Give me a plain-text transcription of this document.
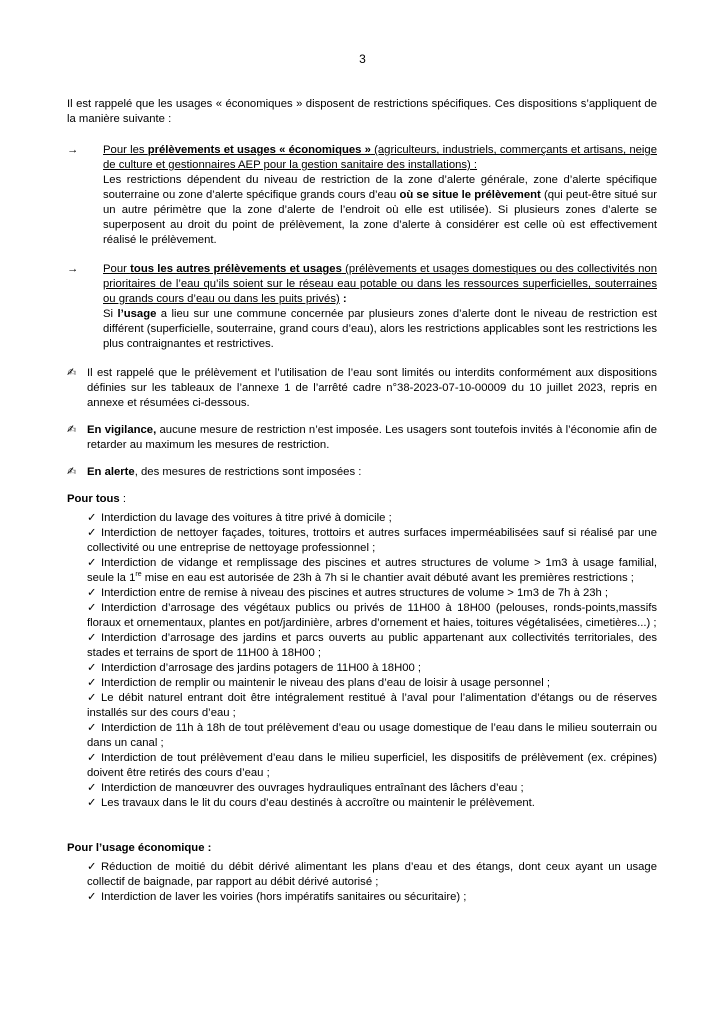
3

Il est rappelé que les usages « économiques » disposent de restrictions spécifiques. Ces dispositions s’appliquent de la manière suivante :

→	Pour les prélèvements et usages « économiques » (agriculteurs, industriels, commerçants et artisans, neige de culture et gestionnaires AEP pour la gestion sanitaire des installations) :

Les restrictions dépendent du niveau de restriction de la zone d’alerte générale, zone d’alerte spécifique souterraine ou zone d’alerte spécifique grands cours d’eau où se situe le prélèvement (qui peut-être situé sur un autre périmètre que la zone d’alerte de l’endroit où elle est utilisée). Si plusieurs zones d’alerte se superposent au droit du point de prélèvement, la zone d’alerte à considérer est celle où est effectivement réalisé le prélèvement.

→	Pour tous les autres prélèvements et usages (prélèvements et usages domestiques ou des collectivités non prioritaires de l’eau qu’ils soient sur le réseau eau potable ou dans les ressources superficielles, souterraines ou grands cours d’eau ou dans les puits privés) :

Si l’usage a lieu sur une commune concernée par plusieurs zones d’alerte dont le niveau de restriction est différent (superficielle, souterraine, grand cours d’eau), alors les restrictions applicables sont les restrictions les plus contraignantes et restrictives.

✍ Il est rappelé que le prélèvement et l’utilisation de l’eau sont limités ou interdits conformément aux dispositions définies sur les tableaux de l’annexe 1 de l’arrêté cadre n°38-2023-07-10-00009 du 10 juillet 2023, repris en annexe et résumées ci-dessous.
✍ En vigilance, aucune mesure de restriction n’est imposée. Les usagers sont toutefois invités à l’économie afin de retarder au maximum les mesures de restriction.
✍ En alerte, des mesures de restrictions sont imposées :

Pour tous :

✓ Interdiction du lavage des voitures à titre privé à domicile ;
✓ Interdiction de nettoyer façades, toitures, trottoirs et autres surfaces imperméabilisées sauf si réalisé par une collectivité ou une entreprise de nettoyage professionnel ;
✓ Interdiction de vidange et remplissage des piscines et autres structures de volume > 1m3 à usage familial, seule la 1re mise en eau est autorisée de 23h à 7h si le chantier avait débuté avant les premières restrictions ;
✓ Interdiction entre de remise à niveau des piscines et autres structures de volume > 1m3 de 7h à 23h ;
✓ Interdiction d’arrosage des végétaux publics ou privés de 11H00 à 18H00 (pelouses, ronds-points,massifs floraux et ornementaux, plantes en pot/jardinière, arbres d’ornement et haies, toitures végétalisées, cimetières...) ;
✓ Interdiction d’arrosage des jardins et parcs ouverts au public appartenant aux collectivités territoriales, des stades et terrains de sport de 11H00 à 18H00 ;
✓ Interdiction d’arrosage des jardins potagers de 11H00 à 18H00 ;
✓ Interdiction de remplir ou maintenir le niveau des plans d’eau de loisir à usage personnel ;
✓ Le débit naturel entrant doit être intégralement restitué à l’aval pour l’alimentation d’étangs ou de réserves installés sur des cours d’eau ;
✓ Interdiction de 11h à 18h de tout prélèvement d’eau ou usage domestique de l’eau dans le milieu souterrain ou dans un canal ;
✓ Interdiction de tout prélèvement d’eau dans le milieu superficiel, les dispositifs de prélèvement (ex. crépines) doivent être retirés des cours d’eau ;
✓ Interdiction de manœuvrer des ouvrages hydrauliques entraînant des lâchers d’eau ;
✓ Les travaux dans le lit du cours d’eau destinés à accroître ou maintenir le prélèvement.

Pour l’usage économique :

✓ Réduction de moitié du débit dérivé alimentant les plans d’eau et des étangs, dont ceux ayant un usage collectif de baignade, par rapport au débit dérivé autorisé ;
✓ Interdiction de laver les voiries (hors impératifs sanitaires ou sécuritaire) ;
